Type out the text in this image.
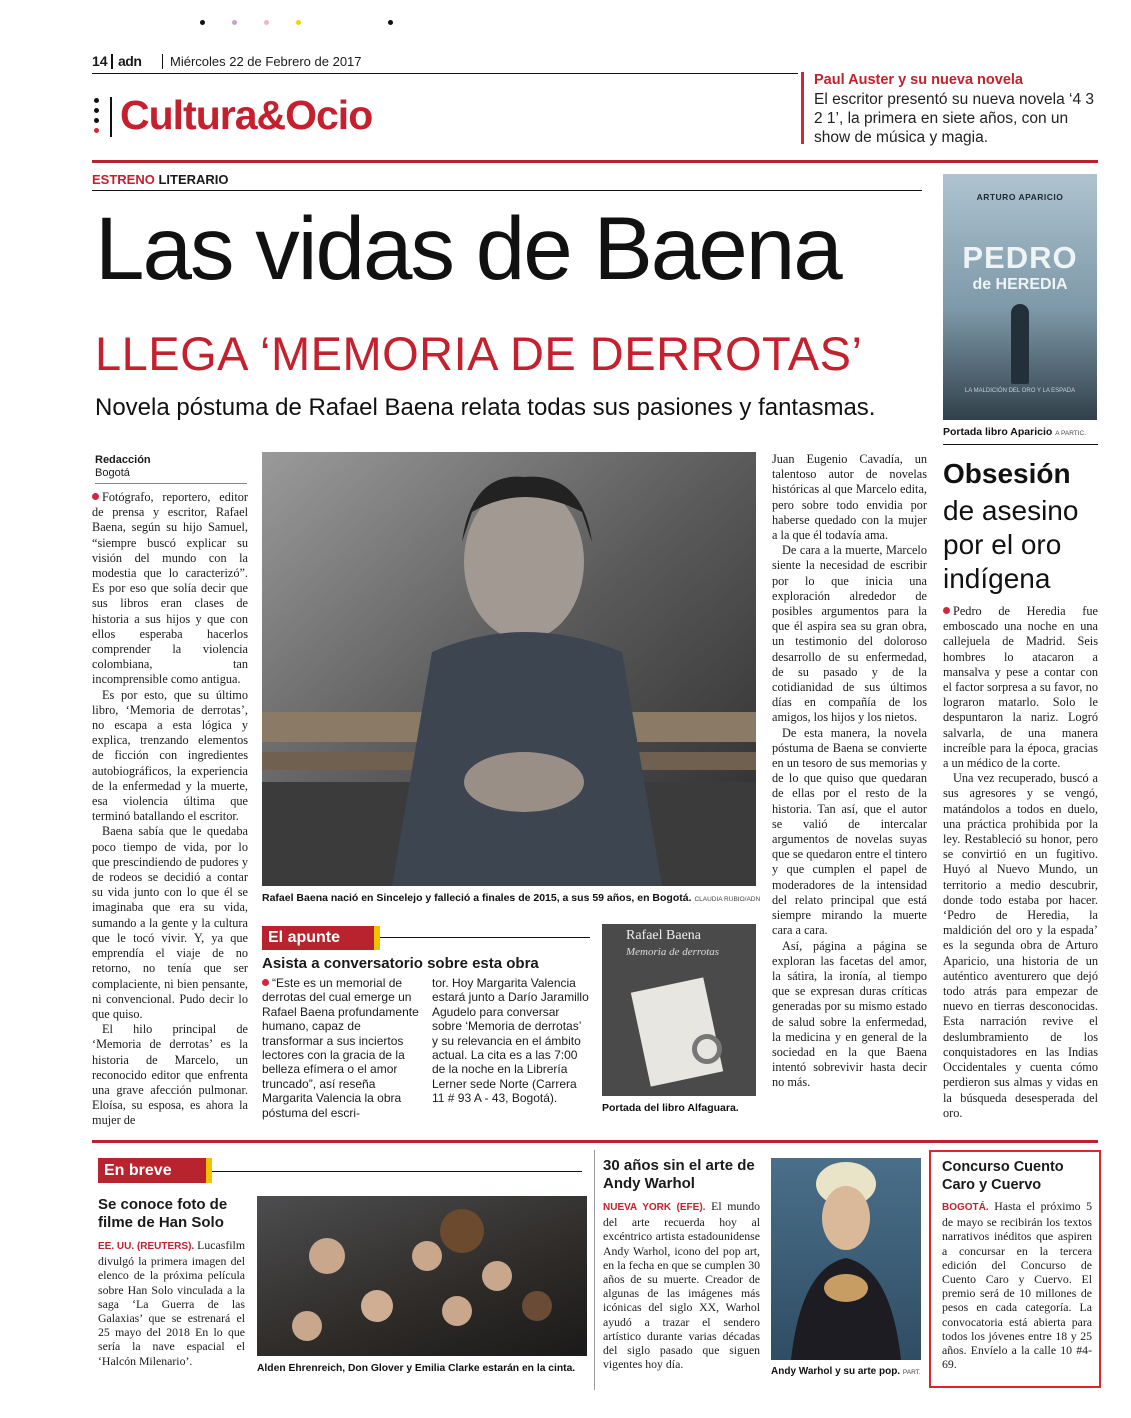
14 adn Miércoles 22 de Febrero de 2017
Cultura&Ocio
Paul Auster y su nueva novela
El escritor presentó su nueva novela ‘4 3 2 1’, la primera en siete años, con un show de música y magia.
ESTRENO LITERARIO
Las vidas de Baena
LLEGA ‘MEMORIA DE DERROTAS’
Novela póstuma de Rafael Baena relata todas sus pasiones y fantasmas.
Redacción
Bogotá

Fotógrafo, reportero, editor de prensa y escritor, Rafael Baena, según su hijo Samuel, “siempre buscó explicar su visión del mundo con la modestia que lo caracterizó”. Es por eso que solía decir que sus libros eran clases de historia a sus hijos y que con ellos esperaba hacerlos comprender la violencia colombiana, tan incomprensible como antigua.

Es por esto, que su último libro, ‘Memoria de derrotas’, no escapa a esta lógica y explica, trenzando elementos de ficción con ingredientes autobiográficos, la experiencia de la enfermedad y la muerte, esa violencia última que terminó batallando el escritor.

Baena sabía que le quedaba poco tiempo de vida, por lo que prescindiendo de pudores y de rodeos se decidió a contar su vida junto con lo que él se imaginaba que era su vida, sumando a la gente y la cultura que le tocó vivir. Y, ya que emprendía el viaje de no retorno, no tenía que ser complaciente, ni bien pensante, ni convencional. Pudo decir lo que quiso.

El hilo principal de ‘Memoria de derrotas’ es la historia de Marcelo, un reconocido editor que enfrenta una grave afección pulmonar. Eloísa, su esposa, es ahora la mujer de

Rafael Baena nació en Sincelejo y falleció a finales de 2015, a sus 59 años, en Bogotá. CLAUDIA RUBIO/ADN
El apunte
Asista a conversatorio sobre esta obra
“Este es un memorial de derrotas del cual emerge un Rafael Baena profundamente humano, capaz de transformar a sus inciertos lectores con la gracia de la belleza efímera o el amor truncado”, así reseña Margarita Valencia la obra póstuma del escri-
tor. Hoy Margarita Valencia estará junto a Darío Jaramillo Agudelo para conversar sobre ‘Memoria de derrotas’ y su relevancia en el ámbito actual. La cita es a las 7:00 de la noche en la Librería Lerner sede Norte (Carrera 11 # 93 A - 43, Bogotá).
Rafael Baena
Memoria de derrotas
Portada del libro Alfaguara.

Juan Eugenio Cavadía, un talentoso autor de novelas históricas al que Marcelo edita, pero sobre todo envidia por haberse quedado con la mujer a la que él todavía ama.

De cara a la muerte, Marcelo siente la necesidad de escribir por lo que inicia una exploración alrededor de posibles argumentos para la que él aspira sea su gran obra, un testimonio del doloroso desarrollo de su enfermedad, de su pasado y de la cotidianidad de sus últimos días en compañía de los amigos, los hijos y los nietos.

De esta manera, la novela póstuma de Baena se convierte en un tesoro de sus memorias y de lo que quiso que quedaran de ellas por el resto de la historia. Tan así, que el autor se valió de intercalar argumentos de novelas suyas que se quedaron entre el tintero y que cumplen el papel de moderadores de la intensidad del relato principal que está siempre mirando la muerte cara a cara.

Así, página a página se exploran las facetas del amor, la sátira, la ironía, al tiempo que se expresan duras críticas generadas por su mismo estado de salud sobre la enfermedad, la medicina y en general de la sociedad en la que Baena intentó sobrevivir hasta decir no más.

ARTURO APARICIO
PEDRO
de HEREDIA
LA MALDICIÓN DEL ORO Y LA ESPADA
Portada libro Aparicio A PARTIC.
Obsesión
de asesino por el oro indígena

Pedro de Heredia fue emboscado una noche en una callejuela de Madrid. Seis hombres lo atacaron a mansalva y pese a contar con el factor sorpresa a su favor, no lograron matarlo. Solo le despuntaron la nariz. Logró salvarla, de una manera increíble para la época, gracias a un médico de la corte.

Una vez recuperado, buscó a sus agresores y se vengó, matándolos a todos en duelo, una práctica prohibida por la ley. Restableció su honor, pero se convirtió en un fugitivo. Huyó al Nuevo Mundo, un territorio a medio descubrir, donde todo estaba por hacer. ‘Pedro de Heredia, la maldición del oro y la espada’ es la segunda obra de Arturo Aparicio, una historia de un auténtico aventurero que dejó todo atrás para empezar de nuevo en tierras desconocidas. Esta narración revive el deslumbramiento de los conquistadores en las Indias Occidentales y cuenta cómo perdieron sus almas y vidas en la búsqueda desesperada del oro.

En breve
Se conoce foto de filme de Han Solo
EE. UU. (REUTERS). Lucasfilm divulgó la primera imagen del elenco de la próxima película sobre Han Solo vinculada a la saga ‘La Guerra de las Galaxias’ que se estrenará el 25 mayo del 2018 En lo que sería la nave espacial el ‘Halcón Milenario’.
Alden Ehrenreich, Don Glover y Emilia Clarke estarán en la cinta.
30 años sin el arte de Andy Warhol
NUEVA YORK (EFE). El mundo del arte recuerda hoy al excéntrico artista estadounidense Andy Warhol, icono del pop art, en la fecha en que se cumplen 30 años de su muerte. Creador de algunas de las imágenes más icónicas del siglo XX, Warhol ayudó a trazar el sendero artístico durante varias décadas del siglo pasado que siguen vigentes hoy día.
Andy Warhol y su arte pop. PART.
Concurso Cuento Caro y Cuervo
BOGOTÁ. Hasta el próximo 5 de mayo se recibirán los textos narrativos inéditos que aspiren a concursar en la tercera edición del Concurso de Cuento Caro y Cuervo. El premio será de 10 millones de pesos en cada categoría. La convocatoria está abierta para todos los jóvenes entre 18 y 25 años. Envíelo a la calle 10 #4-69.
